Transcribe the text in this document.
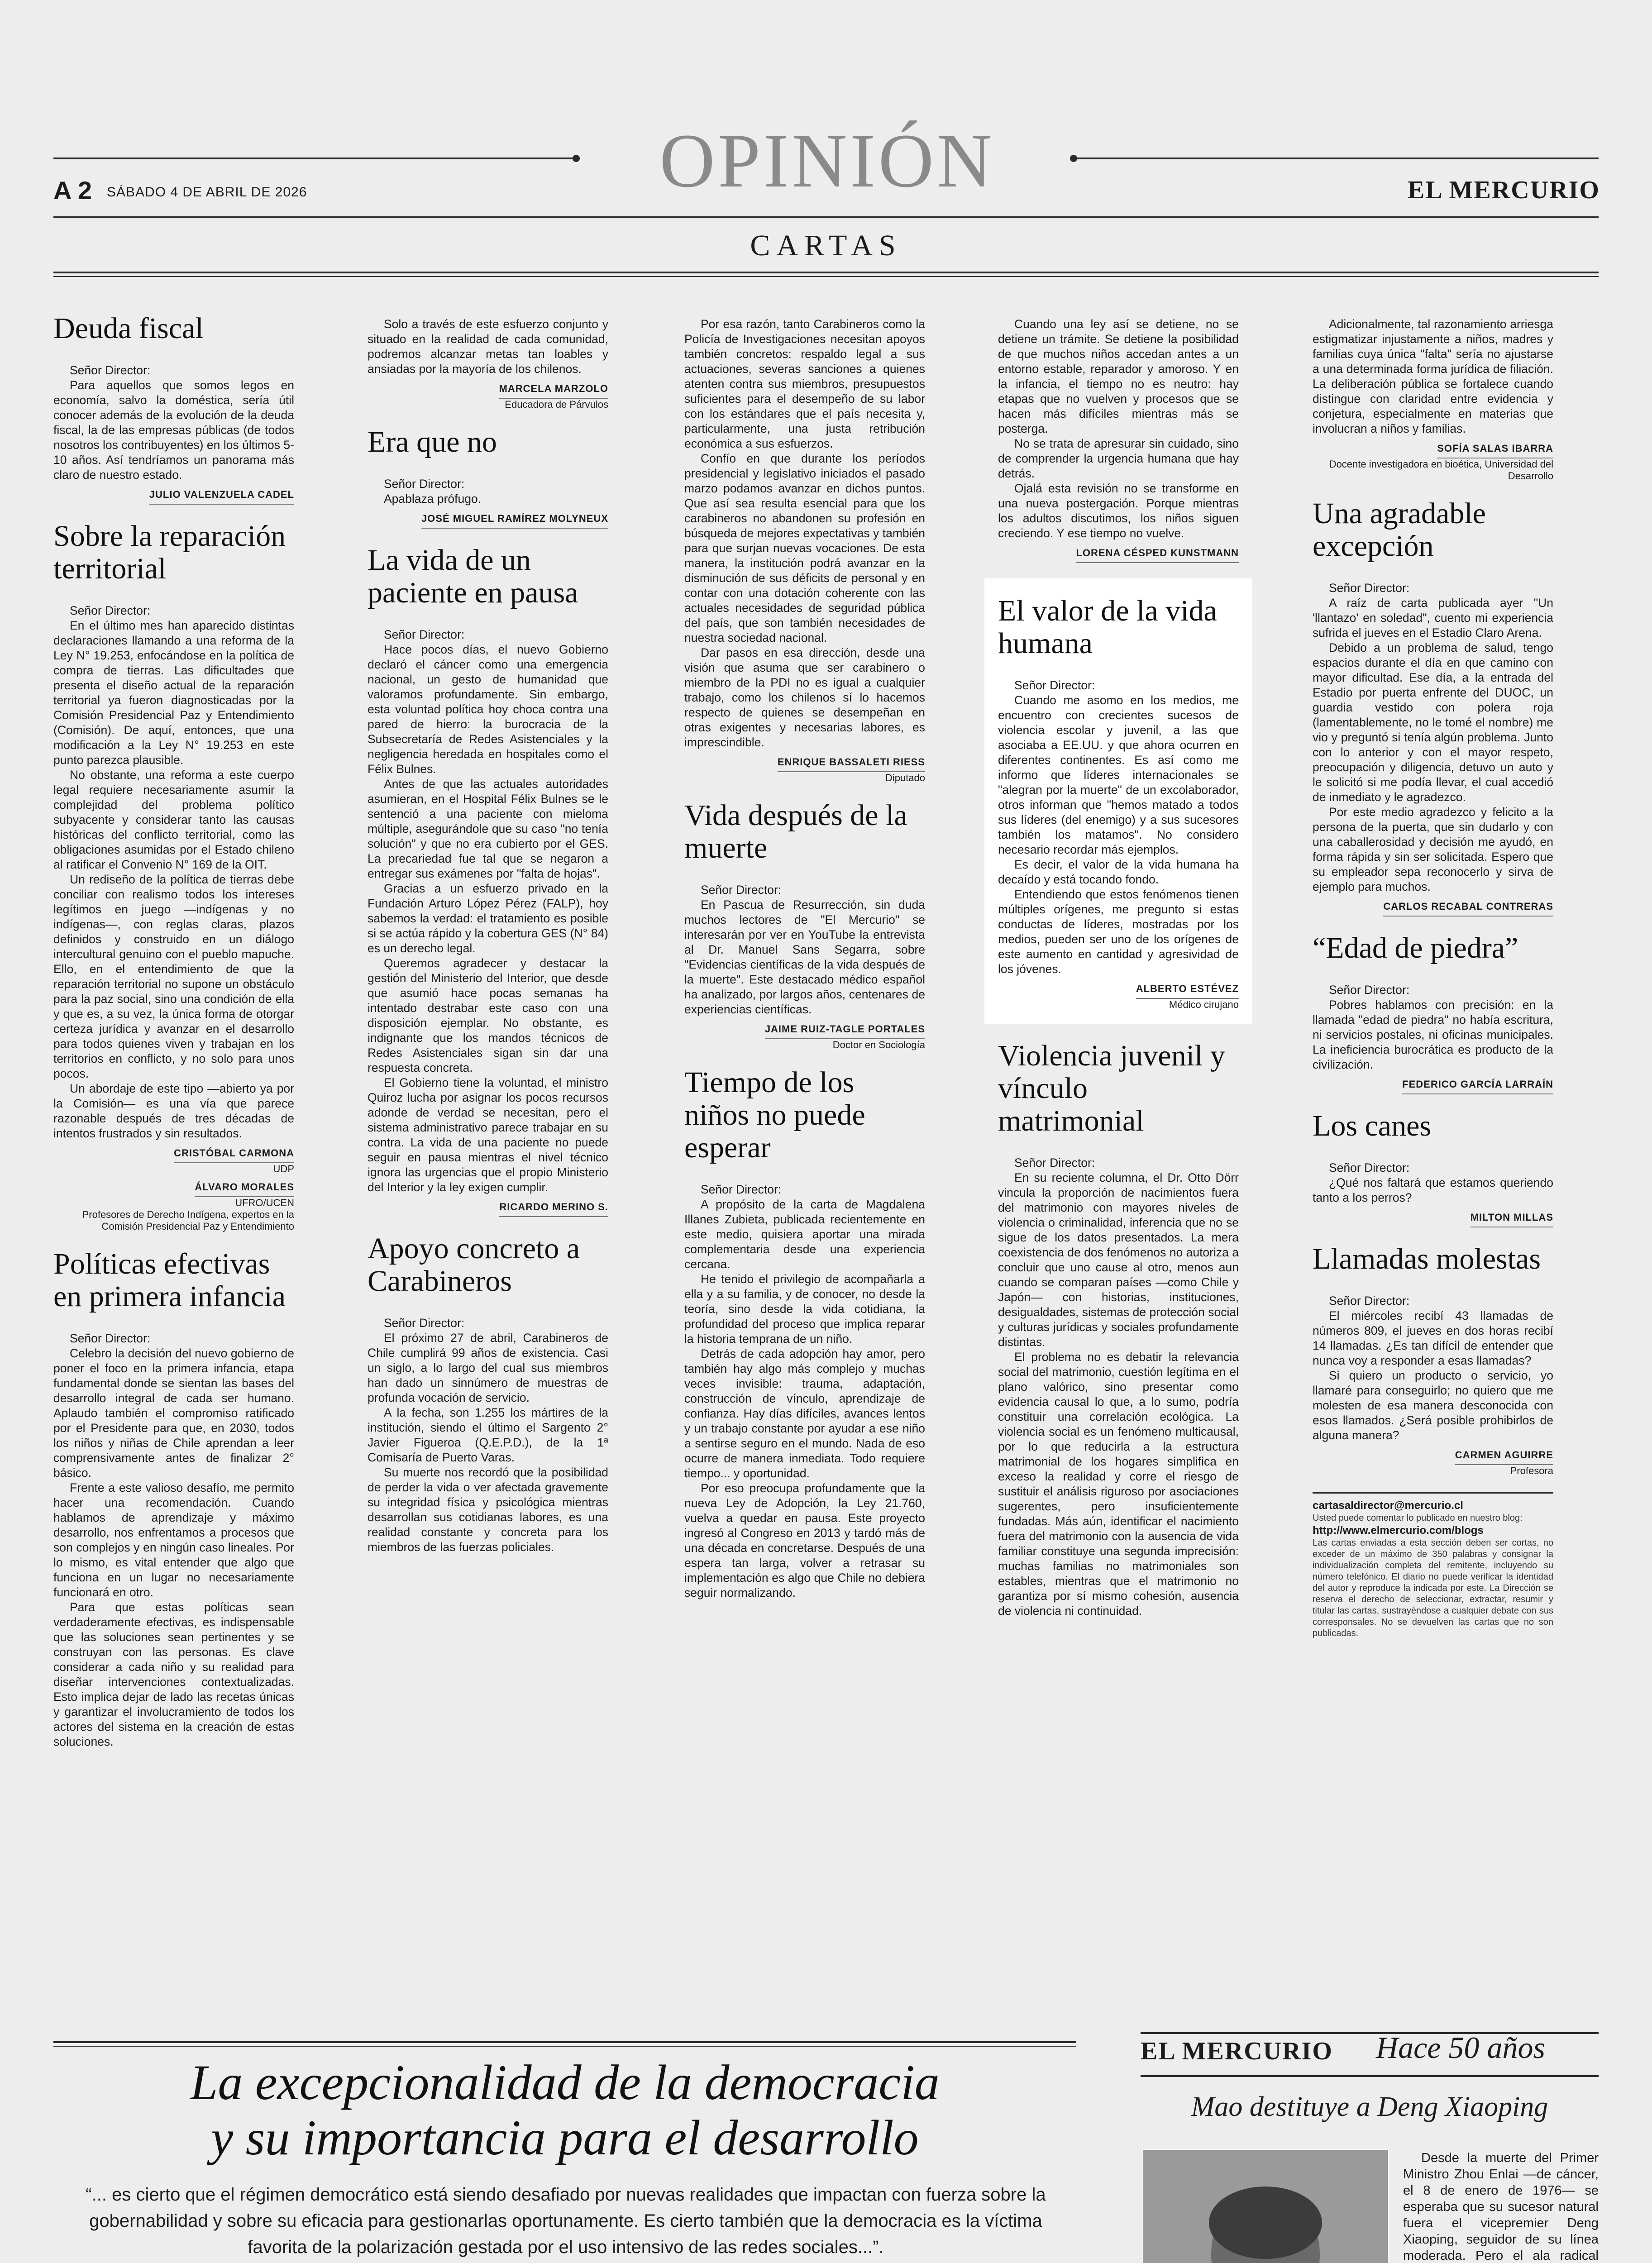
OPINIÓN
A 2 SÁBADO 4 DE ABRIL DE 2026	EL MERCURIO
CARTAS
Deuda fiscal

Señor Director:

Para aquellos que somos legos en economía, salvo la doméstica, sería útil conocer además de la evolución de la deuda fiscal, la de las empresas públicas (de todos nosotros los contribuyentes) en los últimos 5-10 años. Así tendríamos un panorama más claro de nuestro estado.

JULIO VALENZUELA CADEL
Sobre la reparación territorial

Señor Director:

En el último mes han aparecido distintas declaraciones llamando a una reforma de la Ley N° 19.253, enfocándose en la política de compra de tierras. Las dificultades que presenta el diseño actual de la reparación territorial ya fueron diagnosticadas por la Comisión Presidencial Paz y Entendimiento (Comisión). De aquí, entonces, que una modificación a la Ley N° 19.253 en este punto parezca plausible.

No obstante, una reforma a este cuerpo legal requiere necesariamente asumir la complejidad del problema político subyacente y considerar tanto las causas históricas del conflicto territorial, como las obligaciones asumidas por el Estado chileno al ratificar el Convenio N° 169 de la OIT.

Un rediseño de la política de tierras debe conciliar con realismo todos los intereses legítimos en juego —indígenas y no indígenas—, con reglas claras, plazos definidos y construido en un diálogo intercultural genuino con el pueblo mapuche. Ello, en el entendimiento de que la reparación territorial no supone un obstáculo para la paz social, sino una condición de ella y que es, a su vez, la única forma de otorgar certeza jurídica y avanzar en el desarrollo para todos quienes viven y trabajan en los territorios en conflicto, y no solo para unos pocos.

Un abordaje de este tipo —abierto ya por la Comisión— es una vía que parece razonable después de tres décadas de intentos frustrados y sin resultados.

CRISTÓBAL CARMONA
UDP
ÁLVARO MORALES
UFRO/UCEN
Profesores de Derecho Indígena, expertos en la Comisión Presidencial Paz y Entendimiento
Políticas efectivas en primera infancia

Señor Director:

Celebro la decisión del nuevo gobierno de poner el foco en la primera infancia, etapa fundamental donde se sientan las bases del desarrollo integral de cada ser humano. Aplaudo también el compromiso ratificado por el Presidente para que, en 2030, todos los niños y niñas de Chile aprendan a leer comprensivamente antes de finalizar 2° básico.

Frente a este valioso desafío, me permito hacer una recomendación. Cuando hablamos de aprendizaje y máximo desarrollo, nos enfrentamos a procesos que son complejos y en ningún caso lineales. Por lo mismo, es vital entender que algo que funciona en un lugar no necesariamente funcionará en otro.

Para que estas políticas sean verdaderamente efectivas, es indispensable que las soluciones sean pertinentes y se construyan con las personas. Es clave considerar a cada niño y su realidad para diseñar intervenciones contextualizadas. Esto implica dejar de lado las recetas únicas y garantizar el involucramiento de todos los actores del sistema en la creación de estas soluciones.

Solo a través de este esfuerzo conjunto y situado en la realidad de cada comunidad, podremos alcanzar metas tan loables y ansiadas por la mayoría de los chilenos.

MARCELA MARZOLO
Educadora de Párvulos
Era que no

Señor Director:

Apablaza prófugo.

JOSÉ MIGUEL RAMÍREZ MOLYNEUX
La vida de un paciente en pausa

Señor Director:

Hace pocos días, el nuevo Gobierno declaró el cáncer como una emergencia nacional, un gesto de humanidad que valoramos profundamente. Sin embargo, esta voluntad política hoy choca contra una pared de hierro: la burocracia de la Subsecretaría de Redes Asistenciales y la negligencia heredada en hospitales como el Félix Bulnes.

Antes de que las actuales autoridades asumieran, en el Hospital Félix Bulnes se le sentenció a una paciente con mieloma múltiple, asegurándole que su caso "no tenía solución" y que no era cubierto por el GES. La precariedad fue tal que se negaron a entregar sus exámenes por "falta de hojas".

Gracias a un esfuerzo privado en la Fundación Arturo López Pérez (FALP), hoy sabemos la verdad: el tratamiento es posible si se actúa rápido y la cobertura GES (N° 84) es un derecho legal.

Queremos agradecer y destacar la gestión del Ministerio del Interior, que desde que asumió hace pocas semanas ha intentado destrabar este caso con una disposición ejemplar. No obstante, es indignante que los mandos técnicos de Redes Asistenciales sigan sin dar una respuesta concreta.

El Gobierno tiene la voluntad, el ministro Quiroz lucha por asignar los pocos recursos adonde de verdad se necesitan, pero el sistema administrativo parece trabajar en su contra. La vida de una paciente no puede seguir en pausa mientras el nivel técnico ignora las urgencias que el propio Ministerio del Interior y la ley exigen cumplir.

RICARDO MERINO S.
Apoyo concreto a Carabineros

Señor Director:

El próximo 27 de abril, Carabineros de Chile cumplirá 99 años de existencia. Casi un siglo, a lo largo del cual sus miembros han dado un sinnúmero de muestras de profunda vocación de servicio.

A la fecha, son 1.255 los mártires de la institución, siendo el último el Sargento 2° Javier Figueroa (Q.E.P.D.), de la 1ª Comisaría de Puerto Varas.

Su muerte nos recordó que la posibilidad de perder la vida o ver afectada gravemente su integridad física y psicológica mientras desarrollan sus cotidianas labores, es una realidad constante y concreta para los miembros de las fuerzas policiales.

Por esa razón, tanto Carabineros como la Policía de Investigaciones necesitan apoyos también concretos: respaldo legal a sus actuaciones, severas sanciones a quienes atenten contra sus miembros, presupuestos suficientes para el desempeño de su labor con los estándares que el país necesita y, particularmente, una justa retribución económica a sus esfuerzos.

Confío en que durante los períodos presidencial y legislativo iniciados el pasado marzo podamos avanzar en dichos puntos. Que así sea resulta esencial para que los carabineros no abandonen su profesión en búsqueda de mejores expectativas y también para que surjan nuevas vocaciones. De esta manera, la institución podrá avanzar en la disminución de sus déficits de personal y en contar con una dotación coherente con las actuales necesidades de seguridad pública del país, que son también necesidades de nuestra sociedad nacional.

Dar pasos en esa dirección, desde una visión que asuma que ser carabinero o miembro de la PDI no es igual a cualquier trabajo, como los chilenos sí lo hacemos respecto de quienes se desempeñan en otras exigentes y necesarias labores, es imprescindible.

ENRIQUE BASSALETI RIESS
Diputado
Vida después de la muerte

Señor Director:

En Pascua de Resurrección, sin duda muchos lectores de "El Mercurio" se interesarán por ver en YouTube la entrevista al Dr. Manuel Sans Segarra, sobre "Evidencias científicas de la vida después de la muerte". Este destacado médico español ha analizado, por largos años, centenares de experiencias científicas.

JAIME RUIZ-TAGLE PORTALES
Doctor en Sociología
Tiempo de los niños no puede esperar

Señor Director:

A propósito de la carta de Magdalena Illanes Zubieta, publicada recientemente en este medio, quisiera aportar una mirada complementaria desde una experiencia cercana.

He tenido el privilegio de acompañarla a ella y a su familia, y de conocer, no desde la teoría, sino desde la vida cotidiana, la profundidad del proceso que implica reparar la historia temprana de un niño.

Detrás de cada adopción hay amor, pero también hay algo más complejo y muchas veces invisible: trauma, adaptación, construcción de vínculo, aprendizaje de confianza. Hay días difíciles, avances lentos y un trabajo constante por ayudar a ese niño a sentirse seguro en el mundo. Nada de eso ocurre de manera inmediata. Todo requiere tiempo... y oportunidad.

Por eso preocupa profundamente que la nueva Ley de Adopción, la Ley 21.760, vuelva a quedar en pausa. Este proyecto ingresó al Congreso en 2013 y tardó más de una década en concretarse. Después de una espera tan larga, volver a retrasar su implementación es algo que Chile no debiera seguir normalizando.

Cuando una ley así se detiene, no se detiene un trámite. Se detiene la posibilidad de que muchos niños accedan antes a un entorno estable, reparador y amoroso. Y en la infancia, el tiempo no es neutro: hay etapas que no vuelven y procesos que se hacen más difíciles mientras más se posterga.

No se trata de apresurar sin cuidado, sino de comprender la urgencia humana que hay detrás.

Ojalá esta revisión no se transforme en una nueva postergación. Porque mientras los adultos discutimos, los niños siguen creciendo. Y ese tiempo no vuelve.

LORENA CÉSPED KUNSTMANN
El valor de la vida humana

Señor Director:

Cuando me asomo en los medios, me encuentro con crecientes sucesos de violencia escolar y juvenil, a las que asociaba a EE.UU. y que ahora ocurren en diferentes continentes. Es así como me informo que líderes internacionales se "alegran por la muerte" de un excolaborador, otros informan que "hemos matado a todos sus líderes (del enemigo) y a sus sucesores también los matamos". No considero necesario recordar más ejemplos.

Es decir, el valor de la vida humana ha decaído y está tocando fondo.

Entendiendo que estos fenómenos tienen múltiples orígenes, me pregunto si estas conductas de líderes, mostradas por los medios, pueden ser uno de los orígenes de este aumento en cantidad y agresividad de los jóvenes.

ALBERTO ESTÉVEZ
Médico cirujano
Violencia juvenil y vínculo matrimonial

Señor Director:

En su reciente columna, el Dr. Otto Dörr vincula la proporción de nacimientos fuera del matrimonio con mayores niveles de violencia o criminalidad, inferencia que no se sigue de los datos presentados. La mera coexistencia de dos fenómenos no autoriza a concluir que uno cause al otro, menos aun cuando se comparan países —como Chile y Japón— con historias, instituciones, desigualdades, sistemas de protección social y culturas jurídicas y sociales profundamente distintas.

El problema no es debatir la relevancia social del matrimonio, cuestión legítima en el plano valórico, sino presentar como evidencia causal lo que, a lo sumo, podría constituir una correlación ecológica. La violencia social es un fenómeno multicausal, por lo que reducirla a la estructura matrimonial de los hogares simplifica en exceso la realidad y corre el riesgo de sustituir el análisis riguroso por asociaciones sugerentes, pero insuficientemente fundadas. Más aún, identificar el nacimiento fuera del matrimonio con la ausencia de vida familiar constituye una segunda imprecisión: muchas familias no matrimoniales son estables, mientras que el matrimonio no garantiza por sí mismo cohesión, ausencia de violencia ni continuidad.

Adicionalmente, tal razonamiento arriesga estigmatizar injustamente a niños, madres y familias cuya única "falta" sería no ajustarse a una determinada forma jurídica de filiación. La deliberación pública se fortalece cuando distingue con claridad entre evidencia y conjetura, especialmente en materias que involucran a niños y familias.

SOFÍA SALAS IBARRA
Docente investigadora en bioética, Universidad del Desarrollo
Una agradable excepción

Señor Director:

A raíz de carta publicada ayer "Un 'llantazo' en soledad", cuento mi experiencia sufrida el jueves en el Estadio Claro Arena.

Debido a un problema de salud, tengo espacios durante el día en que camino con mayor dificultad. Ese día, a la entrada del Estadio por puerta enfrente del DUOC, un guardia vestido con polera roja (lamentablemente, no le tomé el nombre) me vio y preguntó si tenía algún problema. Junto con lo anterior y con el mayor respeto, preocupación y diligencia, detuvo un auto y le solicitó si me podía llevar, el cual accedió de inmediato y le agradezco.

Por este medio agradezco y felicito a la persona de la puerta, que sin dudarlo y con una caballerosidad y decisión me ayudó, en forma rápida y sin ser solicitada. Espero que su empleador sepa reconocerlo y sirva de ejemplo para muchos.

CARLOS RECABAL CONTRERAS
“Edad de piedra”

Señor Director:

Pobres hablamos con precisión: en la llamada "edad de piedra" no había escritura, ni servicios postales, ni oficinas municipales. La ineficiencia burocrática es producto de la civilización.

FEDERICO GARCÍA LARRAÍN
Los canes

Señor Director:

¿Qué nos faltará que estamos queriendo tanto a los perros?

MILTON MILLAS
Llamadas molestas

Señor Director:

El miércoles recibí 43 llamadas de números 809, el jueves en dos horas recibí 14 llamadas. ¿Es tan difícil de entender que nunca voy a responder a esas llamadas?

Si quiero un producto o servicio, yo llamaré para conseguirlo; no quiero que me molesten de esa manera desconocida con esos llamados. ¿Será posible prohibirlos de alguna manera?

CARMEN AGUIRRE
Profesora
cartasaldirector@mercurio.cl
Usted puede comentar lo publicado en nuestro blog:
http://www.elmercurio.com/blogs
Las cartas enviadas a esta sección deben ser cortas, no exceder de un máximo de 350 palabras y consignar la individualización completa del remitente, incluyendo su número telefónico. El diario no puede verificar la identidad del autor y reproduce la indicada por este. La Dirección se reserva el derecho de seleccionar, extractar, resumir y titular las cartas, sustrayéndose a cualquier debate con sus corresponsales. No se devuelven las cartas que no son publicadas.
La excepcionalidad de la democracia
y su importancia para el desarrollo
“... es cierto que el régimen democrático está siendo desafiado por nuevas realidades que impactan con fuerza sobre la gobernabilidad y sobre su eficacia para gestionarlas oportunamente. Es cierto también que la democracia es la víctima favorita de la polarización gestada por el uso intensivo de las redes sociales...”.

EL MERCURIO Hace 50 años
Mao destituye a Deng Xiaoping
Desde la muerte del Primer Ministro Zhou Enlai —de cáncer, el 8 de enero de 1976— se esperaba que su sucesor natural fuera el vicepremier Deng Xiaoping, seguidor de su línea moderada. Pero el ala radical
